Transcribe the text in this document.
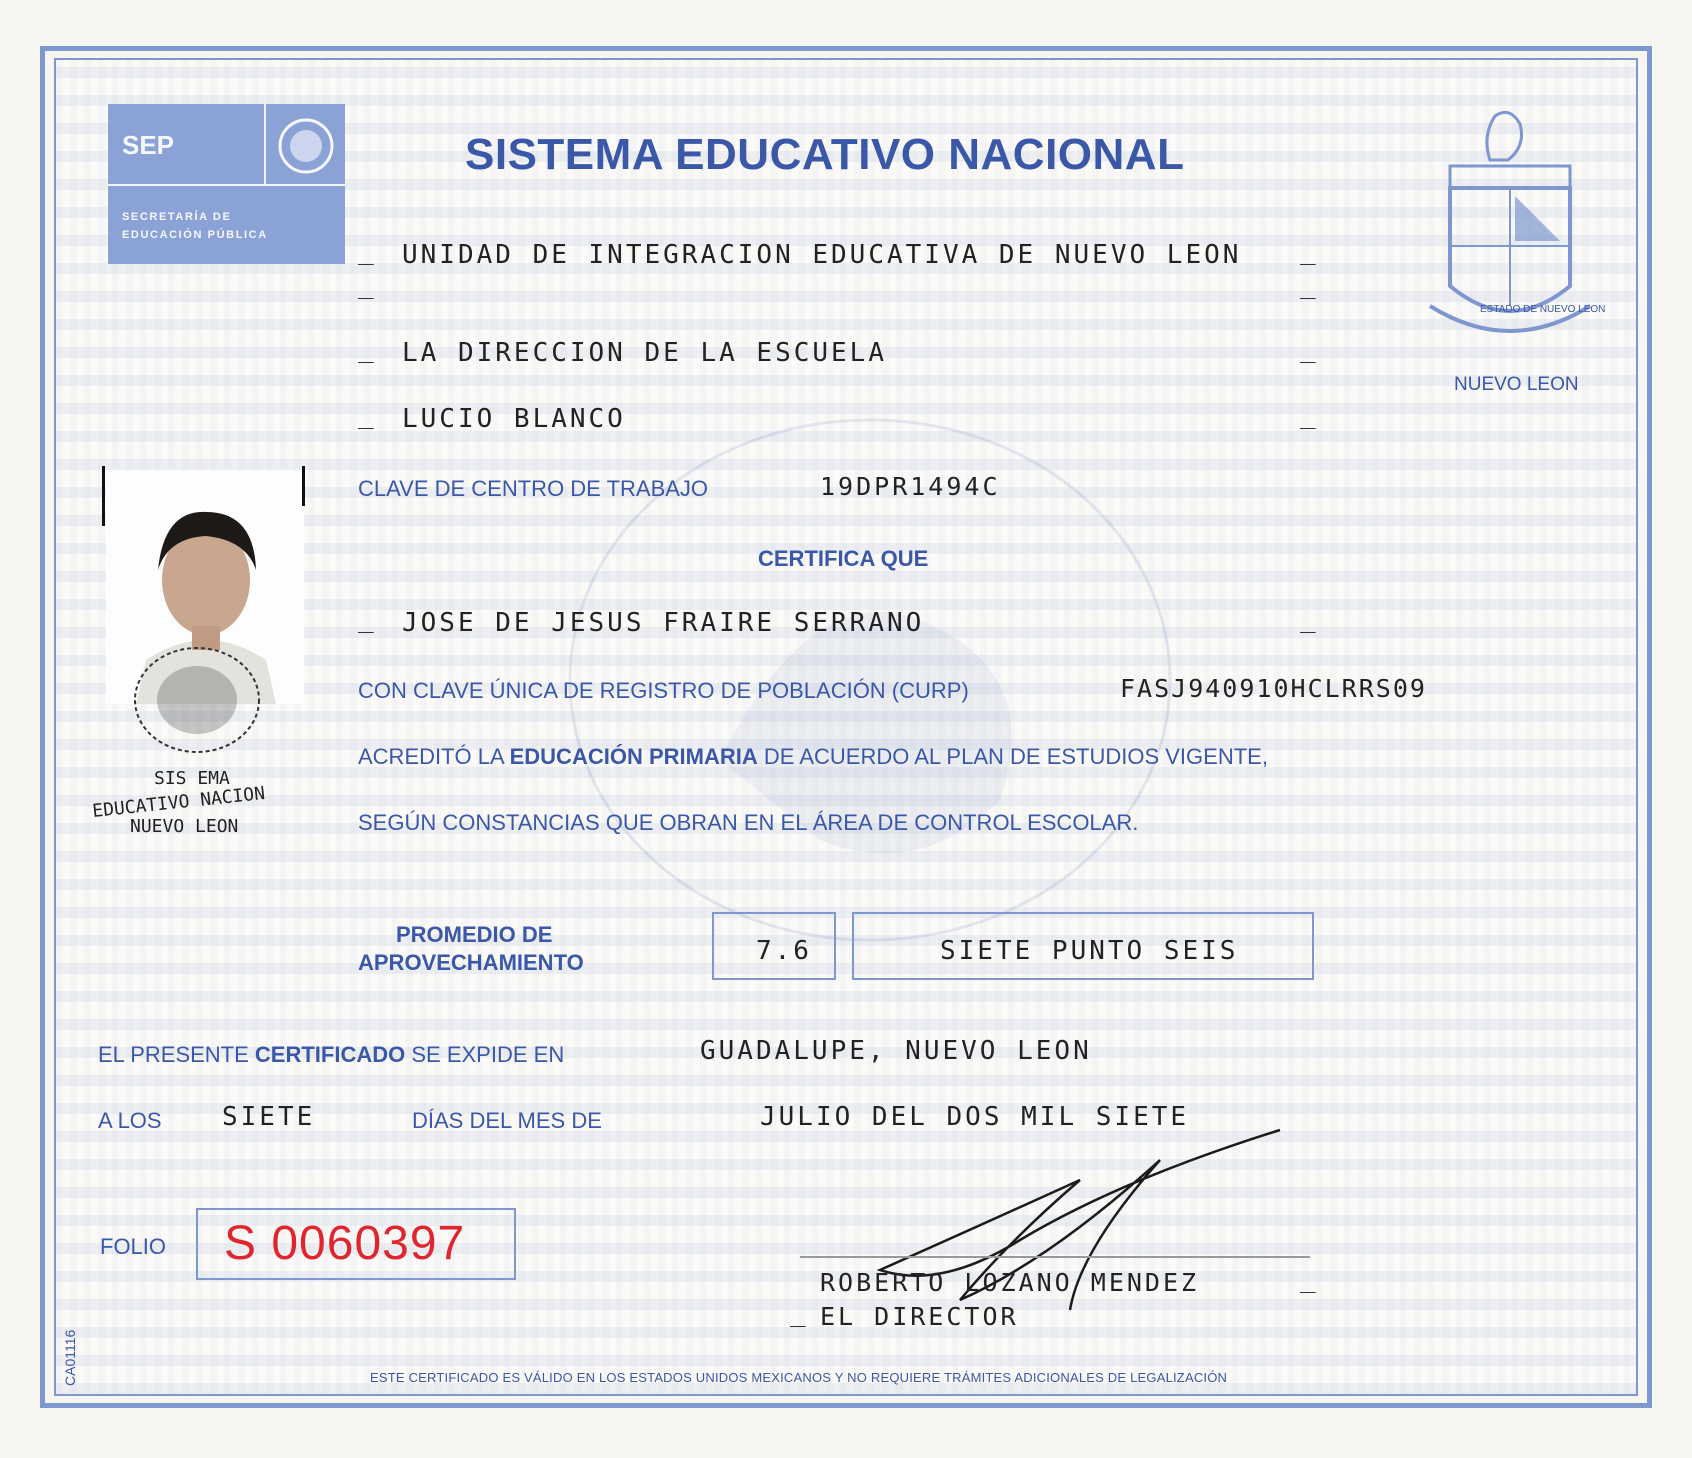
SEP
SECRETARÍA DE
EDUCACIÓN PÚBLICA
SISTEMA EDUCATIVO NACIONAL
ESTADO DE NUEVO LEON
NUEVO LEON
_ UNIDAD DE INTEGRACION EDUCATIVA DE NUEVO LEON _
_	_
_ LA DIRECCION DE LA ESCUELA	_
_ LUCIO BLANCO	_
CLAVE DE CENTRO DE TRABAJO	19DPR1494C
SIS EMA
EDUCATIVO NACION
NUEVO LEON
CERTIFICA QUE
_ JOSE DE JESUS FRAIRE SERRANO	_
CON CLAVE ÚNICA DE REGISTRO DE POBLACIÓN (CURP)	FASJ940910HCLRRS09
ACREDITÓ LA EDUCACIÓN PRIMARIA DE ACUERDO AL PLAN DE ESTUDIOS VIGENTE,
SEGÚN CONSTANCIAS QUE OBRAN EN EL ÁREA DE CONTROL ESCOLAR.
PROMEDIO DE
APROVECHAMIENTO	7.6	SIETE PUNTO SEIS
EL PRESENTE CERTIFICADO SE EXPIDE EN	GUADALUPE, NUEVO LEON
A LOS SIETE	DÍAS DEL MES DE	JULIO DEL DOS MIL SIETE
FOLIO S 0060397
ROBERTO LOZANO MENDEZ	_
_ EL DIRECTOR
ESTE CERTIFICADO ES VÁLIDO EN LOS ESTADOS UNIDOS MEXICANOS Y NO REQUIERE TRÁMITES ADICIONALES DE LEGALIZACIÓN
CA01116
